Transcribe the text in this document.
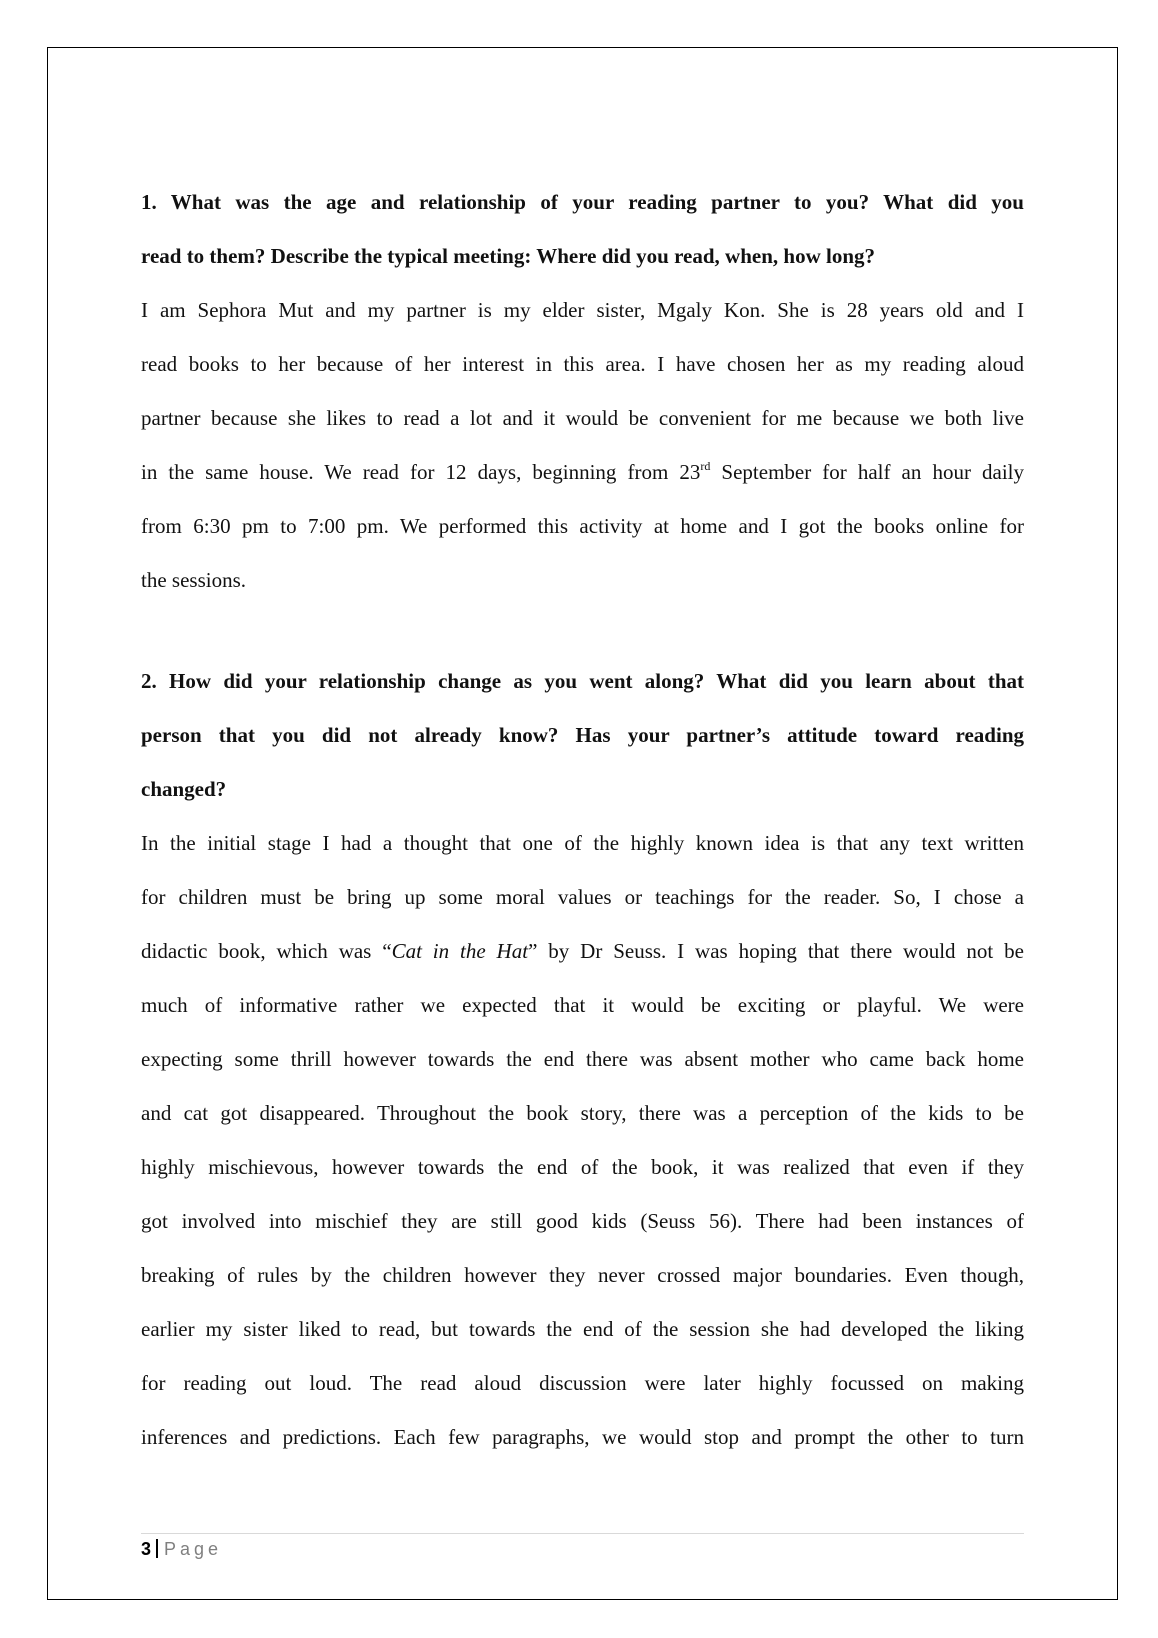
1. What was the age and relationship of your reading partner to you? What did you
read to them? Describe the typical meeting: Where did you read, when, how long?
I am Sephora Mut and my partner is my elder sister, Mgaly Kon. She is 28 years old and I
read books to her because of her interest in this area. I have chosen her as my reading aloud
partner because she likes to read a lot and it would be convenient for me because we both live
in the same house. We read for 12 days, beginning from 23rd September for half an hour daily
from 6:30 pm to 7:00 pm. We performed this activity at home and I got the books online for
the sessions.
2. How did your relationship change as you went along? What did you learn about that
person that you did not already know? Has your partner’s attitude toward reading
changed?
In the initial stage I had a thought that one of the highly known idea is that any text written
for children must be bring up some moral values or teachings for the reader. So, I chose a
didactic book, which was “Cat in the Hat” by Dr Seuss. I was hoping that there would not be
much of informative rather we expected that it would be exciting or playful. We were
expecting some thrill however towards the end there was absent mother who came back home
and cat got disappeared. Throughout the book story, there was a perception of the kids to be
highly mischievous, however towards the end of the book, it was realized that even if they
got involved into mischief they are still good kids (Seuss 56). There had been instances of
breaking of rules by the children however they never crossed major boundaries. Even though,
earlier my sister liked to read, but towards the end of the session she had developed the liking
for reading out loud. The read aloud discussion were later highly focussed on making
inferences and predictions. Each few paragraphs, we would stop and prompt the other to turn
3 Page
